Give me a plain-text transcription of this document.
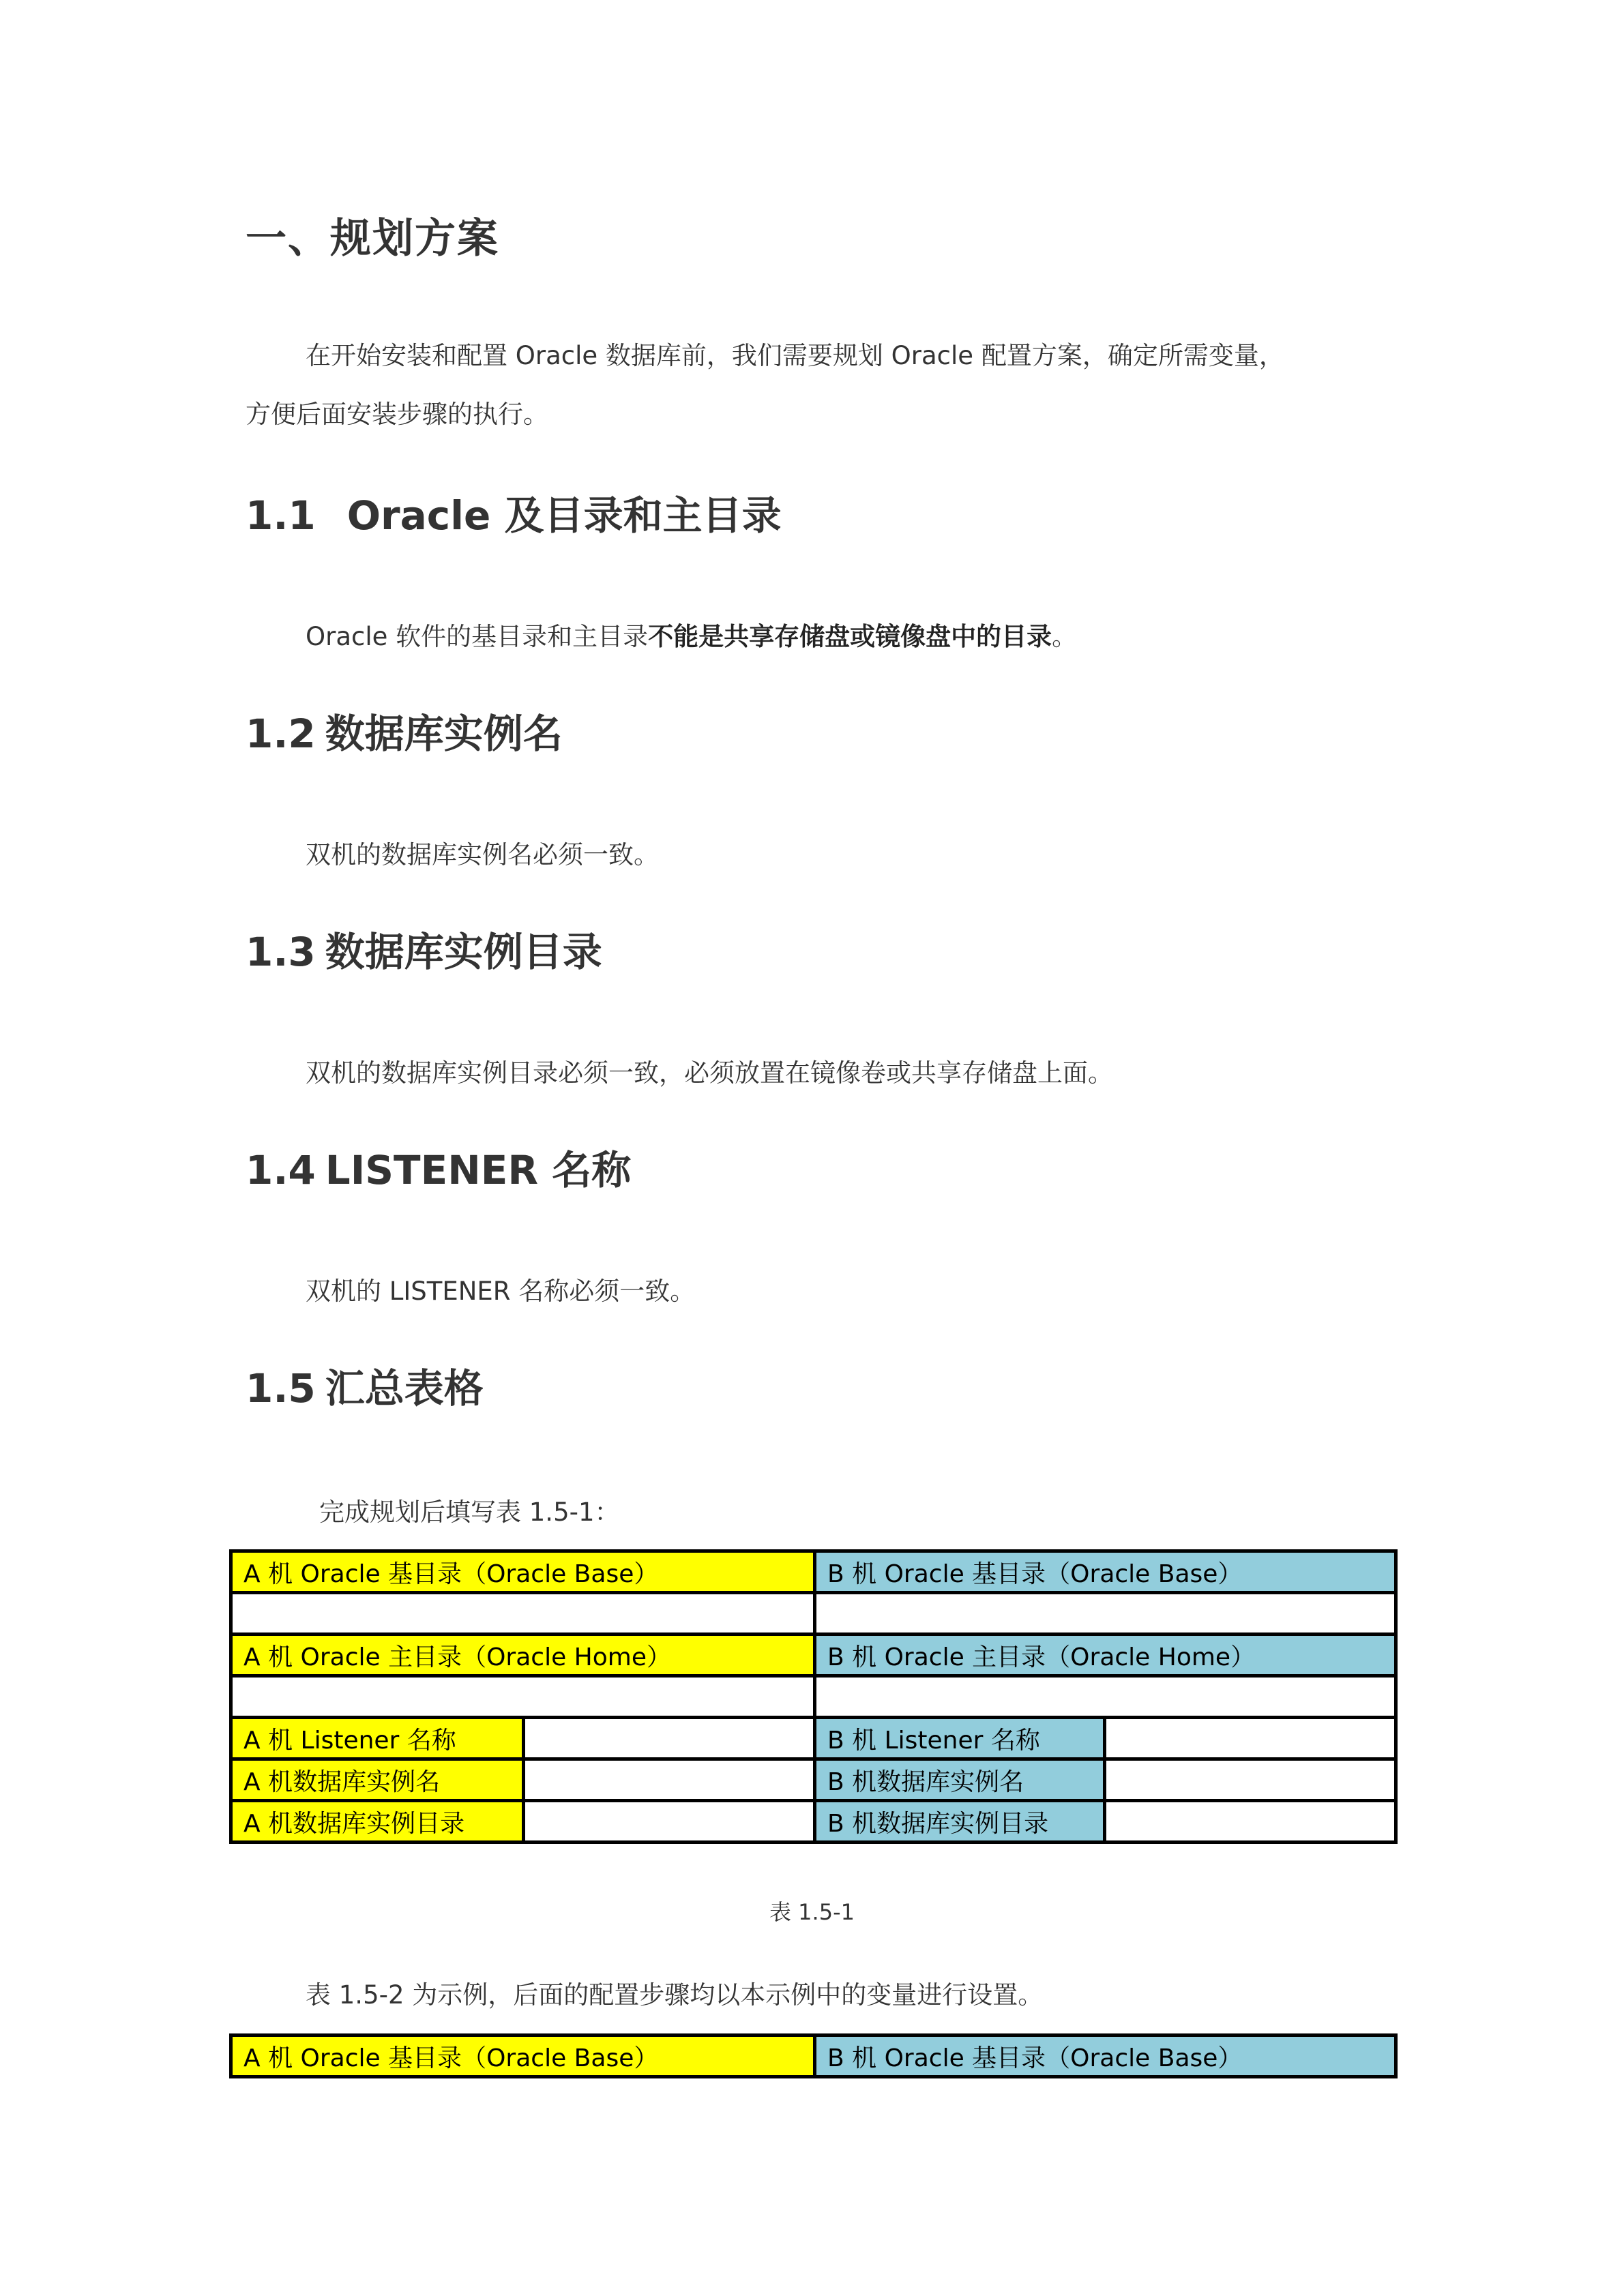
一、规划方案
在开始安装和配置 Oracle 数据库前，我们需要规划 Oracle 配置方案，确定所需变量，
方便后面安装步骤的执行。
1.1 Oracle 及目录和主目录
Oracle 软件的基目录和主目录不能是共享存储盘或镜像盘中的目录。
1.2 数据库实例名
双机的数据库实例名必须一致。
1.3 数据库实例目录
双机的数据库实例目录必须一致，必须放置在镜像卷或共享存储盘上面。
1.4 LISTENER 名称
双机的 LISTENER 名称必须一致。
1.5 汇总表格
完成规划后填写表 1.5-1：
A 机 Oracle 基目录（Oracle Base）		B 机 Oracle 基目录（Oracle Base）	

A 机 Oracle 主目录（Oracle Home）		B 机 Oracle 主目录（Oracle Home）	

A 机 Listener 名称		B 机 Listener 名称	
A 机数据库实例名		B 机数据库实例名	
A 机数据库实例目录		B 机数据库实例目录	
表 1.5-1
表 1.5-2 为示例，后面的配置步骤均以本示例中的变量进行设置。
A 机 Oracle 基目录（Oracle Base）	B 机 Oracle 基目录（Oracle Base）
